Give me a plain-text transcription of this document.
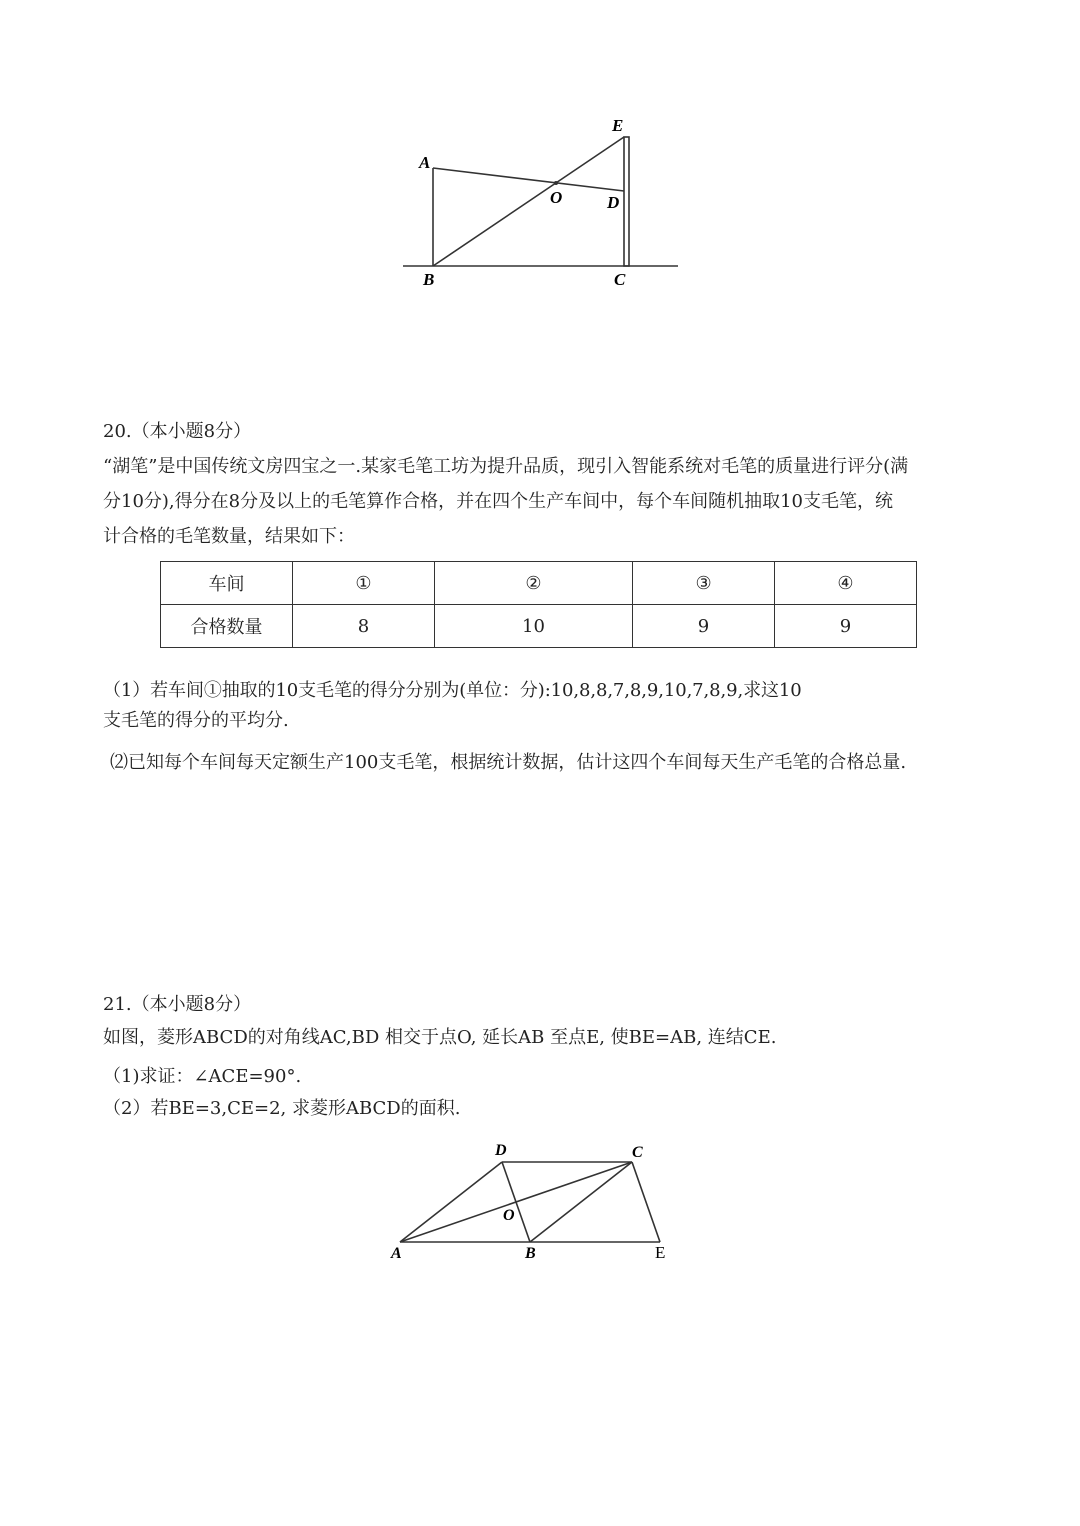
A
B	C
D
E
O
20.（本小题8分）
“湖笔”是中国传统文房四宝之一.某家毛笔工坊为提升品质，现引入智能系统对毛笔的质量进行评分(满
分10分),得分在8分及以上的毛笔算作合格，并在四个生产车间中，每个车间随机抽取10支毛笔，统
计合格的毛笔数量，结果如下：
车间	①	②	③	④
合格数量	8	10	9	9
（1）若车间①抽取的10支毛笔的得分分别为(单位：分):10,8,8,7,8,9,10,7,8,9,求这10
支毛笔的得分的平均分.
⑵已知每个车间每天定额生产100支毛笔，根据统计数据，估计这四个车间每天生产毛笔的合格总量.
21.（本小题8分）
如图，菱形ABCD的对角线AC,BD 相交于点O, 延长AB 至点E, 使BE=AB, 连结CE.
（1)求证：∠ACE=90°.
（2）若BE=3,CE=2, 求菱形ABCD的面积.
A	B
C
D
E
O
